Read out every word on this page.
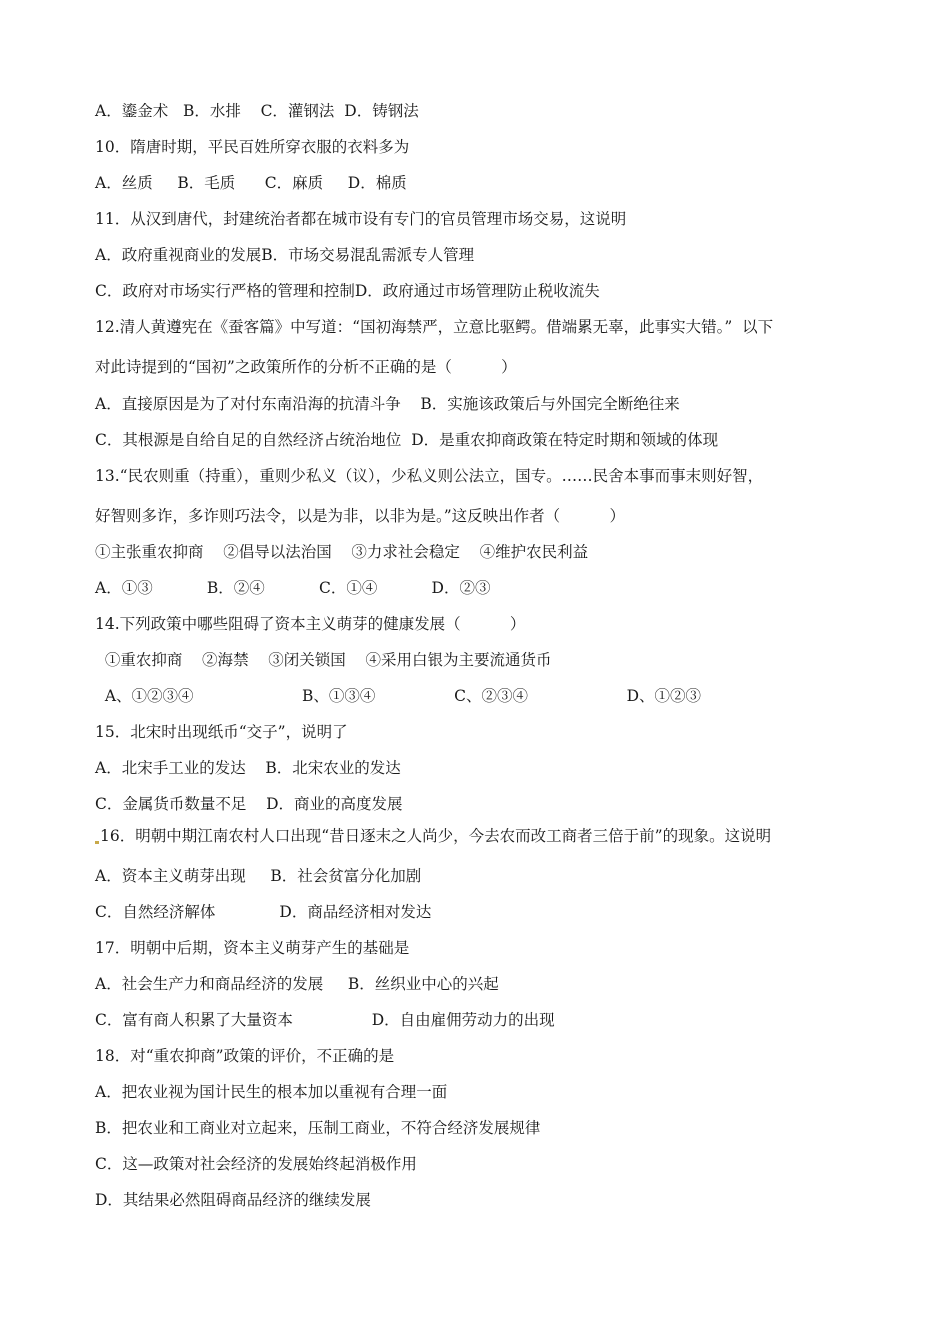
A．鎏金术   B．水排    C．灌钢法  D．铸钢法
10．隋唐时期，平民百姓所穿衣服的衣料多为
A．丝质     B．毛质      C．麻质     D．棉质
11．从汉到唐代，封建统治者都在城市设有专门的官员管理市场交易，这说明
A．政府重视商业的发展B．市场交易混乱需派专人管理
C．政府对市场实行严格的管理和控制D．政府通过市场管理防止税收流失
12.清人黄遵宪在《蚕客篇》中写道：“国初海禁严，立意比驱鳄。借端累无辜，此事实大错。”  以下
对此诗提到的“国初”之政策所作的分析不正确的是（          ）
A．直接原因是为了对付东南沿海的抗清斗争    B．实施该政策后与外国完全断绝往来
C．其根源是自给自足的自然经济占统治地位  D．是重农抑商政策在特定时期和领域的体现
13.“民农则重（持重），重则少私义（议），少私义则公法立，国专。……民舍本事而事末则好智，
好智则多诈，多诈则巧法令，以是为非，以非为是。”这反映出作者（          ）
①主张重农抑商    ②倡导以法治国    ③力求社会稳定    ④维护农民利益
A．①③           B．②④           C．①④           D．②③
14.下列政策中哪些阻碍了资本主义萌芽的健康发展（          ）
①重农抑商    ②海禁    ③闭关锁国    ④采用白银为主要流通货币
A、①②③④                      B、①③④                C、②③④                    D、①②③
15．北宋时出现纸币“交子”，说明了
A．北宋手工业的发达    B．北宋农业的发达
C．金属货币数量不足    D．商业的高度发展
16．明朝中期江南农村人口出现“昔日逐末之人尚少，今去农而改工商者三倍于前”的现象。这说明
A．资本主义萌芽出现     B．社会贫富分化加剧
C．自然经济解体             D．商品经济相对发达
17．明朝中后期，资本主义萌芽产生的基础是
A．社会生产力和商品经济的发展     B．丝织业中心的兴起
C．富有商人积累了大量资本                D．自由雇佣劳动力的出现
18．对“重农抑商”政策的评价，不正确的是
A．把农业视为国计民生的根本加以重视有合理一面
B．把农业和工商业对立起来，压制工商业，不符合经济发展规律
C．这—政策对社会经济的发展始终起消极作用
D．其结果必然阻碍商品经济的继续发展
